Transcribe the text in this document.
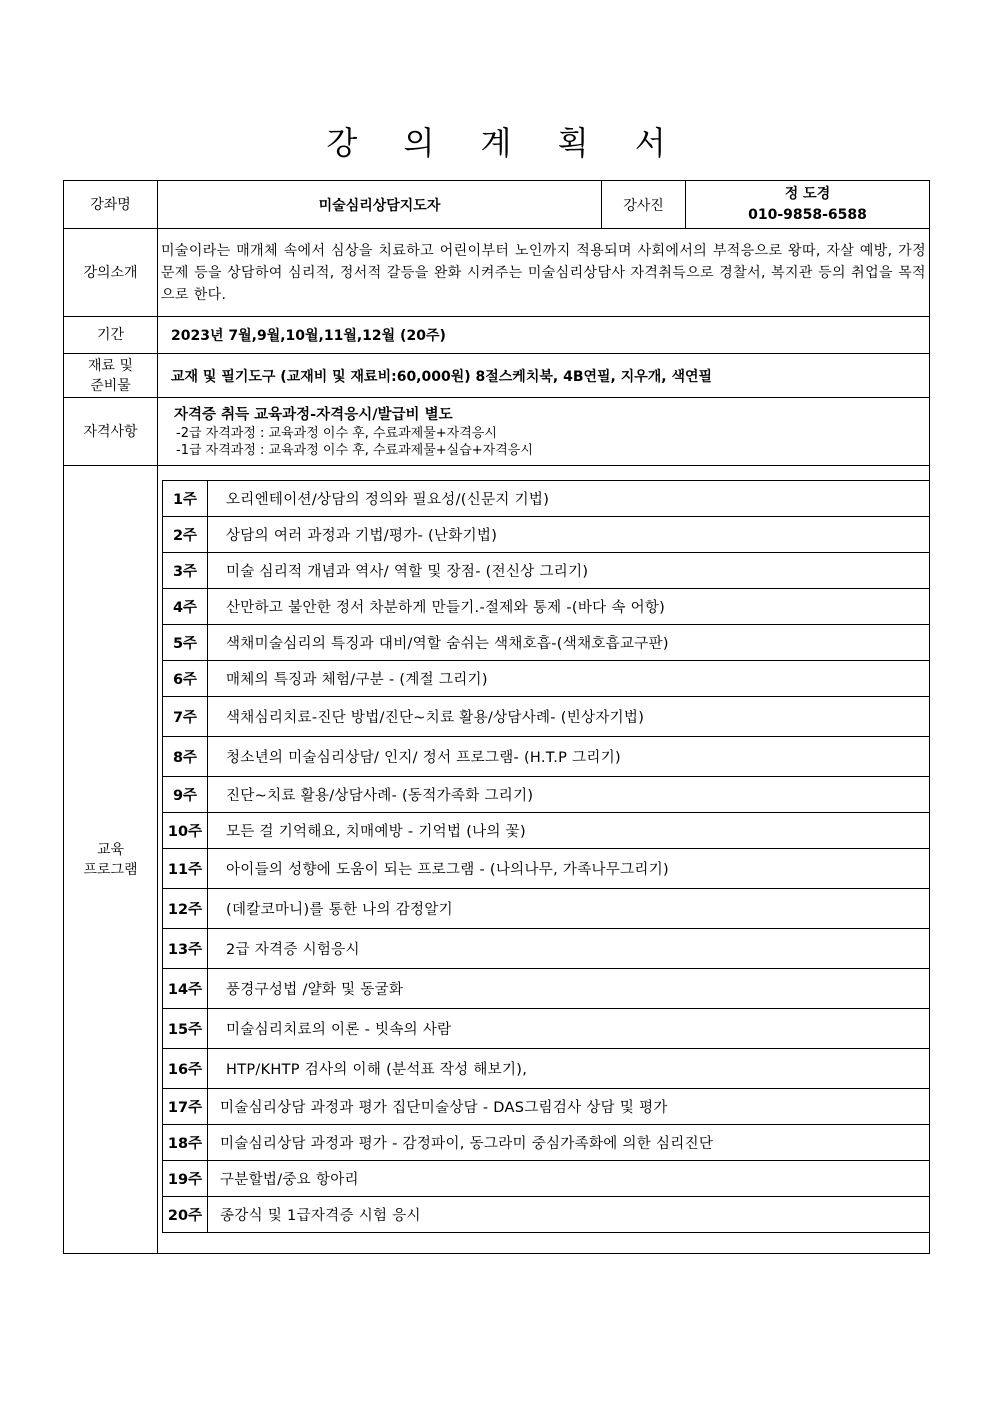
강 의 계 획 서
강좌명	미술심리상담지도자	강사진	
정 도경
010-9858-6588

강의소개	미술이라는 매개체 속에서 심상을 치료하고 어린이부터 노인까지 적용되며 사회에서의 부적응으로 왕따, 자살 예방, 가정 문제 등을 상담하여 심리적, 정서적 갈등을 완화 시켜주는 미술심리상담사 자격취득으로 경찰서, 복지관 등의 취업을 목적으로 한다.
기간	2023년 7월,9월,10월,11월,12월 (20주)

재료 및
준비물
	교재 및 필기도구 (교재비 및 재료비:60,000원) 8절스케치북, 4B연필, 지우개, 색연필
자격사항	
자격증 취득 교육과정-자격응시/발급비 별도
-2급 자격과정 : 교육과정 이수 후, 수료과제물+자격응시
-1급 자격과정 : 교육과정 이수 후, 수료과제물+실습+자격응시

교육
프로그램

1주	오리엔테이션/상담의 정의와 필요성/(신문지 기법)
2주	상담의 여러 과정과 기법/평가- (난화기법)
3주	미술 심리적 개념과 역사/ 역할 및 장점- (전신상 그리기)
4주	산만하고 불안한 정서 차분하게 만들기.-절제와 통제 -(바다 속 어항)
5주	색채미술심리의 특징과 대비/역할 숨쉬는 색채호흡-(색채호흡교구판)
6주	매체의 특징과 체험/구분 - (계절 그리기)
7주	색채심리치료-진단 방법/진단~치료 활용/상담사례- (빈상자기법)
8주	청소년의 미술심리상담/ 인지/ 정서 프로그램- (H.T.P 그리기)
9주	진단~치료 활용/상담사례- (동적가족화 그리기)
10주	모든 걸 기억해요, 치매예방 - 기억법 (나의 꽃)
11주	아이들의 성향에 도움이 되는 프로그램 - (나의나무, 가족나무그리기)
12주	(데칼코마니)를 통한 나의 감정알기
13주	2급 자격증 시험응시
14주	풍경구성법 /얄화 및 동굴화
15주	미술심리치료의 이론 - 빗속의 사람
16주	HTP/KHTP 검사의 이해 (분석표 작성 해보기),
17주	미술심리상담 과정과 평가 집단미술상담 - DAS그림검사 상담 및 평가
18주	미술심리상담 과정과 평가 - 감정파이, 동그라미 중심가족화에 의한 심리진단
19주	구분할법/중요 항아리
20주	종강식 및 1급자격증 시험 응시
